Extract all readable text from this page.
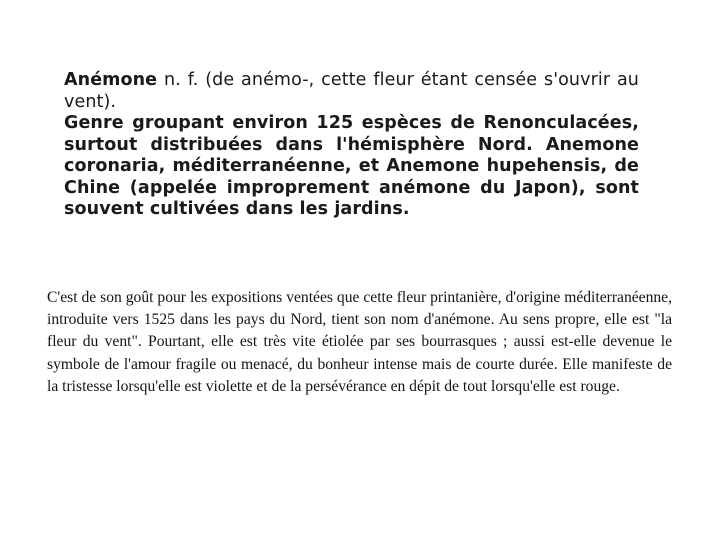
Anémone n. f. (de anémo-, cette fleur étant censée s'ouvrir au vent).

Genre groupant environ 125 espèces de Renonculacées, surtout distribuées dans l'hémisphère Nord. Anemone coronaria, méditerranéenne, et Anemone hupehensis, de Chine (appelée improprement anémone du Japon), sont souvent cultivées dans les jardins.

C'est de son goût pour les expositions ventées que cette fleur printanière, d'origine méditerranéenne, introduite vers 1525 dans les pays du Nord, tient son nom d'anémone. Au sens propre, elle est "la fleur du vent". Pourtant, elle est très vite étiolée par ses bourrasques ; aussi est-elle devenue le symbole de l'amour fragile ou menacé, du bonheur intense mais de courte durée. Elle manifeste de la tristesse lorsqu'elle est violette et de la persévérance en dépit de tout lorsqu'elle est rouge.
